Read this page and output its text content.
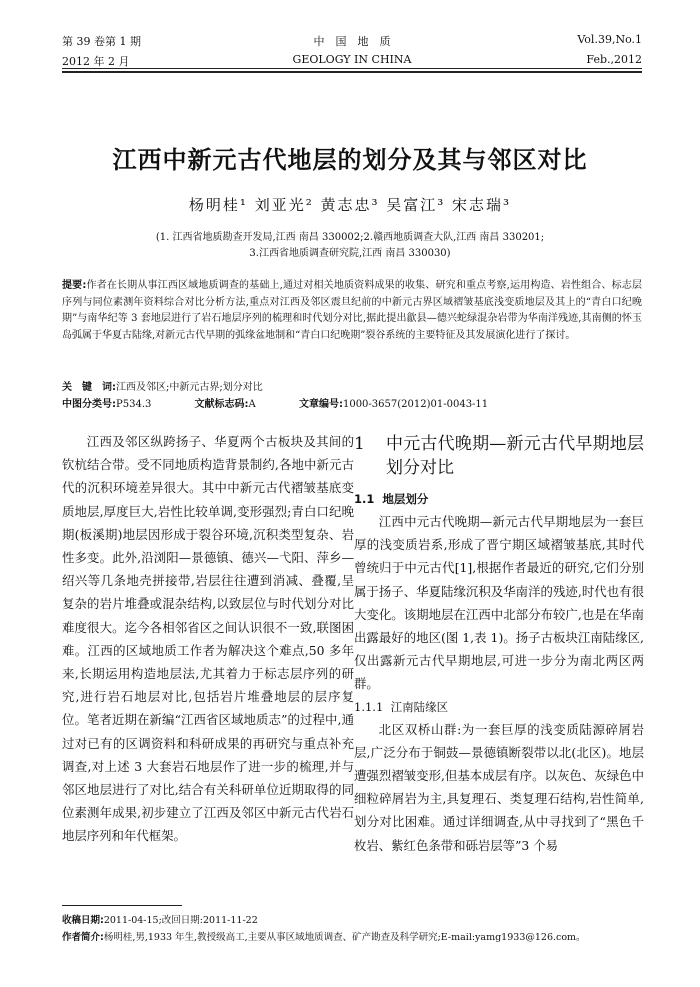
第 39 卷第 1 期	中　国　地　质	Vol.39,No.1
2012 年 2 月	GEOLOGY IN CHINA	Feb.,2012
江西中新元古代地层的划分及其与邻区对比
杨明桂¹ 刘亚光² 黄志忠³ 吴富江³ 宋志瑞³
(1. 江西省地质勘查开发局,江西 南昌 330002;2.赣西地质调查大队,江西 南昌 330201;
3.江西省地质调查研究院,江西 南昌 330030)
提要:作者在长期从事江西区域地质调查的基础上,通过对相关地质资料成果的收集、研究和重点考察,运用构造、岩性组合、标志层序列与同位素测年资料综合对比分析方法,重点对江西及邻区震旦纪前的中新元古界区域褶皱基底浅变质地层及其上的“青白口纪晚期”与南华纪等 3 套地层进行了岩石地层序列的梳理和时代划分对比,据此提出歙县—德兴蛇绿混杂岩带为华南洋残迹,其南侧的怀玉岛弧属于华夏古陆缘,对新元古代早期的弧缘盆地制和“青白口纪晚期”裂谷系统的主要特征及其发展演化进行了探讨。
关　键　词:江西及邻区;中新元古界;划分对比
中图分类号:P534.3	文献标志码:A	文章编号:1000-3657(2012)01-0043-11

江西及邻区纵跨扬子、华夏两个古板块及其间的钦杭结合带。受不同地质构造背景制约,各地中新元古代的沉积环境差异很大。其中中新元古代褶皱基底变质地层,厚度巨大,岩性比较单调,变形强烈;青白口纪晚期(板溪期)地层因形成于裂谷环境,沉积类型复杂、岩性多变。此外,沿浏阳—景德镇、德兴—弋阳、萍乡—绍兴等几条地壳拼接带,岩层往往遭到消减、叠覆,呈复杂的岩片堆叠或混杂结构,以致层位与时代划分对比难度很大。迄今各相邻省区之间认识很不一致,联图困难。江西的区域地质工作者为解决这个难点,50 多年来,长期运用构造地层法,尤其着力于标志层序列的研究,进行岩石地层对比,包括岩片堆叠地层的层序复位。笔者近期在新编“江西省区域地质志”的过程中,通过对已有的区调资料和科研成果的再研究与重点补充调查,对上述 3 大套岩石地层作了进一步的梳理,并与邻区地层进行了对比,结合有关科研单位近期取得的同位素测年成果,初步建立了江西及邻区中新元古代岩石地层序列和年代框架。

1	中元古代晚期—新元古代早期地层划分对比
1.1 地层划分

江西中元古代晚期—新元古代早期地层为一套巨厚的浅变质岩系,形成了晋宁期区域褶皱基底,其时代曾统归于中元古代[1],根据作者最近的研究,它们分别属于扬子、华夏陆缘沉积及华南洋的残迹,时代也有很大变化。该期地层在江西中北部分布较广,也是在华南出露最好的地区(图 1,表 1)。扬子古板块江南陆缘区,仅出露新元古代早期地层,可进一步分为南北两区两群。

1.1.1 江南陆缘区

北区双桥山群:为一套巨厚的浅变质陆源碎屑岩层,广泛分布于铜鼓—景德镇断裂带以北(北区)。地层遭强烈褶皱变形,但基本成层有序。以灰色、灰绿色中细粒碎屑岩为主,具复理石、类复理石结构,岩性简单,划分对比困难。通过详细调查,从中寻找到了“黑色千枚岩、紫红色条带和砾岩层等”3 个易

收稿日期:2011-04-15;改回日期:2011-11-22
作者简介:杨明桂,男,1933 年生,教授级高工,主要从事区域地质调查、矿产勘查及科学研究;E-mail:yamg1933@126.com。
